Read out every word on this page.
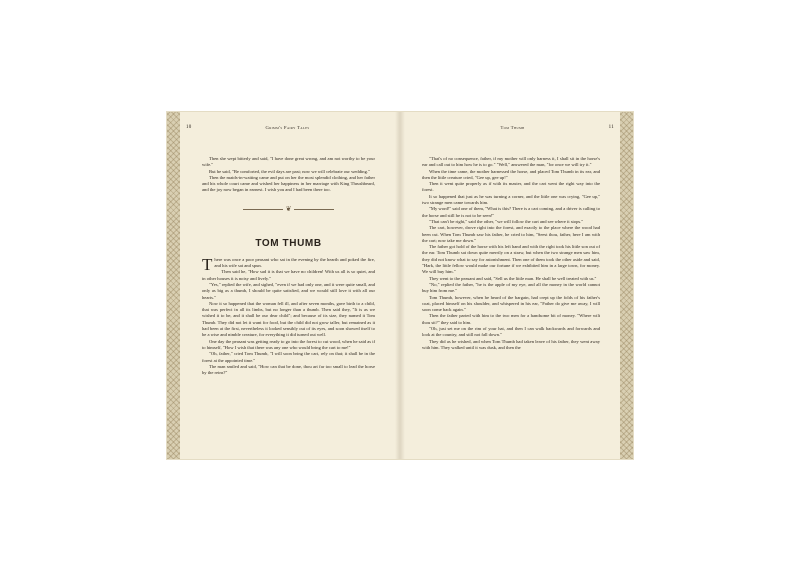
10	Grimm's Fairy Tales

Then she wept bitterly and said, "I have done great wrong, and am not worthy to be your wife."

But he said, "Be comforted, the evil days are past; now we will celebrate our wedding."

Then the maids-in-waiting came and put on her the most splendid clothing, and her father and his whole court came and wished her happiness in her marriage with King Thrushbeard, and the joy now began in earnest. I wish you and I had been there too.

❦
TOM THUMB

There was once a poor peasant who sat in the evening by the hearth and poked the fire, and his wife sat and spun.

Then said he, "How sad it is that we have no children! With us all is so quiet, and in other houses it is noisy and lively."

"Yes," replied the wife, and sighed, "even if we had only one, and it were quite small, and only as big as a thumb, I should be quite satisfied, and we would still love it with all our hearts."

Now it so happened that the woman fell ill, and after seven months, gave birth to a child, that was perfect in all its limbs, but no longer than a thumb. Then said they, "It is as we wished it to be, and it shall be our dear child"; and because of its size, they named it Tom Thumb. They did not let it want for food, but the child did not grow taller, but remained as it had been at the first, nevertheless it looked sensibly out of its eyes, and soon showed itself to be a wise and nimble creature, for everything it did turned out well.

One day the peasant was getting ready to go into the forest to cut wood, when he said as if to himself, "How I wish that there was any one who would bring the cart to me!"

"Oh, father," cried Tom Thumb, "I will soon bring the cart, rely on that; it shall be in the forest at the appointed time."

The man smiled and said, "How can that be done, thou art far too small to lead the horse by the reins?"

Tom Thumb	11

"That's of no consequence, father, if my mother will only harness it, I shall sit in the horse's ear and call out to him how he is to go." "Well," answered the man, "for once we will try it."

When the time came, the mother harnessed the horse, and placed Tom Thumb in its ear, and then the little creature cried, "Gee up, gee up!"

Then it went quite properly as if with its master, and the cart went the right way into the forest.

It so happened that just as he was turning a corner, and the little one was crying, "Gee up," two strange men came towards him.

"My word!" said one of them, "What is this? There is a cart coming, and a driver is calling to the horse and still he is not to be seen!"

"That can't be right," said the other, "we will follow the cart and see where it stops."

The cart, however, drove right into the forest, and exactly to the place where the wood had been cut. When Tom Thumb saw his father, he cried to him, "Seest thou, father, here I am with the cart; now take me down."

The father got hold of the horse with his left hand and with the right took his little son out of the ear. Tom Thumb sat down quite merrily on a straw, but when the two strange men saw him, they did not know what to say for astonishment. Then one of them took the other aside and said, "Hark, the little fellow would make our fortune if we exhibited him in a large town, for money. We will buy him."

They went to the peasant and said, "Sell us the little man. He shall be well treated with us."

"No," replied the father, "he is the apple of my eye, and all the money in the world cannot buy him from me."

Tom Thumb, however, when he heard of the bargain, had crept up the folds of his father's coat, placed himself on his shoulder, and whispered in his ear, "Father do give me away, I will soon come back again."

Then the father parted with him to the two men for a handsome bit of money. "Where wilt thou sit?" they said to him.

"Oh, just set me on the rim of your hat, and then I can walk backwards and forwards and look at the country, and still not fall down."

They did as he wished, and when Tom Thumb had taken leave of his father, they went away with him. They walked until it was dusk, and then the
